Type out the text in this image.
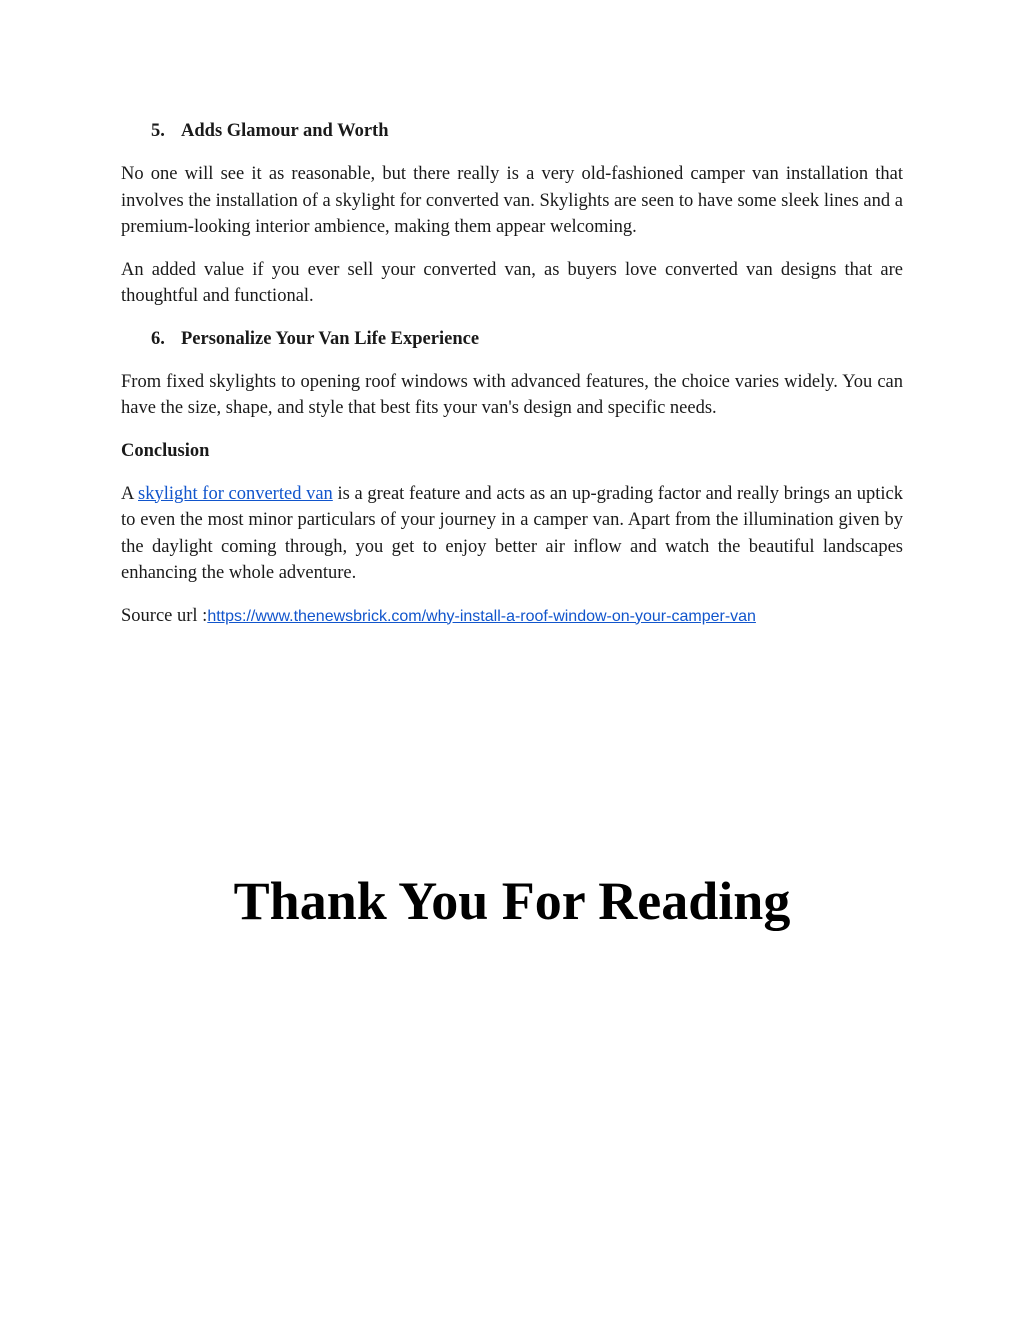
5. Adds Glamour and Worth

No one will see it as reasonable, but there really is a very old-fashioned camper van installation that involves the installation of a skylight for converted van. Skylights are seen to have some sleek lines and a premium-looking interior ambience, making them appear welcoming.

An added value if you ever sell your converted van, as buyers love converted van designs that are thoughtful and functional.

6. Personalize Your Van Life Experience

From fixed skylights to opening roof windows with advanced features, the choice varies widely. You can have the size, shape, and style that best fits your van's design and specific needs.

Conclusion

A skylight for converted van is a great feature and acts as an up-grading factor and really brings an uptick to even the most minor particulars of your journey in a camper van. Apart from the illumination given by the daylight coming through, you get to enjoy better air inflow and watch the beautiful landscapes enhancing the whole adventure.

Source url :https://www.thenewsbrick.com/why-install-a-roof-window-on-your-camper-van

Thank You For Reading
